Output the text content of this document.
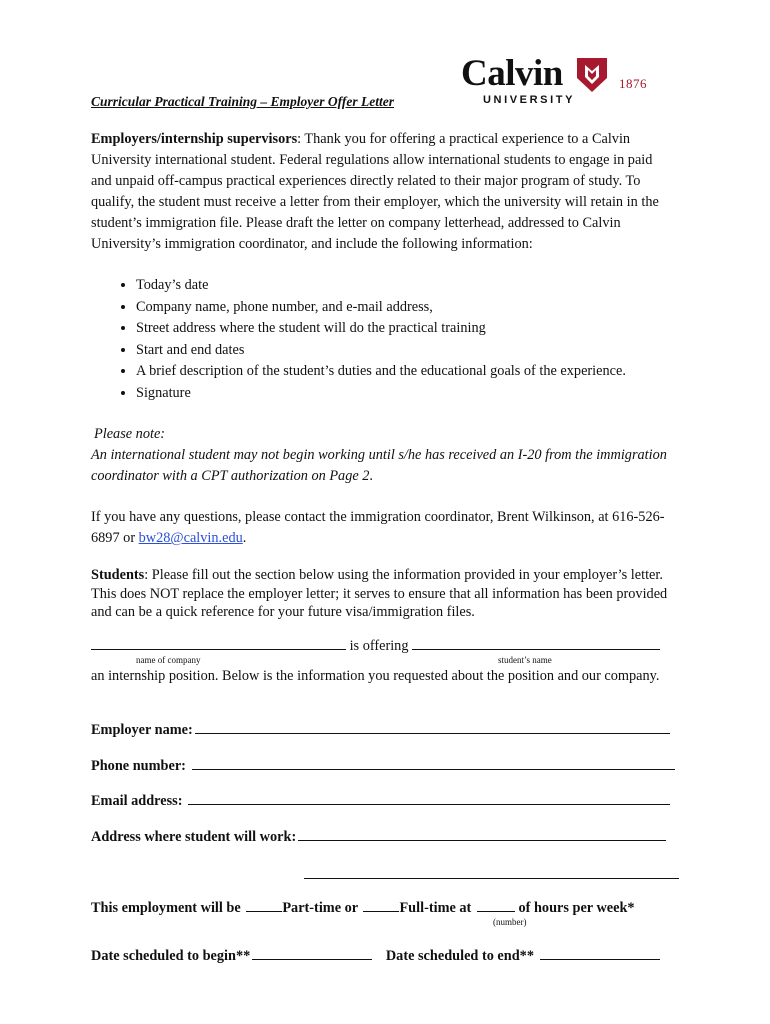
Curricular Practical Training – Employer Offer Letter
Calvin
UNIVERSITY
1876

Employers/internship supervisors: Thank you for offering a practical experience to a Calvin University international student. Federal regulations allow international students to engage in paid and unpaid off-campus practical experiences directly related to their major program of study. To qualify, the student must receive a letter from their employer, which the university will retain in the student’s immigration file. Please draft the letter on company letterhead, addressed to Calvin University’s immigration coordinator, and include the following information:

• Today’s date
• Company name, phone number, and e-mail address,
• Street address where the student will do the practical training
• Start and end dates
• A brief description of the student’s duties and the educational goals of the experience.
• Signature
Please note:
An international student may not begin working until s/he has received an I-20 from the immigration coordinator with a CPT authorization on Page 2.

If you have any questions, please contact the immigration coordinator, Brent Wilkinson, at 616-526-6897 or bw28@calvin.edu.

Students: Please fill out the section below using the information provided in your employer’s letter. This does NOT replace the employer letter; it serves to ensure that all information has been provided and can be a quick reference for your future visa/immigration files.

is offering
name of company	student’s name

an internship position. Below is the information you requested about the position and our company.

Employer name:
Phone number:
Email address:
Address where student will work:
This employment will be	Part-time or	Full-time at	of hours per week*
(number)
Date scheduled to begin**	Date scheduled to end**
